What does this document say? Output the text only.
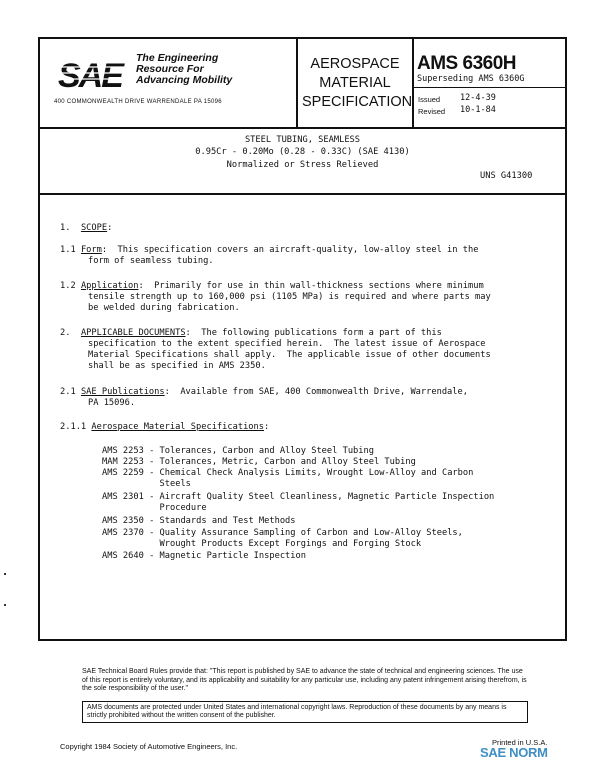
SAE	The Engineering
Resource For
Advancing Mobility
400 COMMONWEALTH DRIVE WARRENDALE PA 15096
AEROSPACE
MATERIAL
SPECIFICATION
AMS 6360H
Superseding AMS 6360G
Issued 12-4-39
Revised 10-1-84
STEEL TUBING, SEAMLESS
0.95Cr - 0.20Mo (0.28 - 0.33C) (SAE 4130)
Normalized or Stress Relieved
UNS G41300
1. SCOPE:
1.1 Form:  This specification covers an aircraft-quality, low-alloy steel in the
form of seamless tubing.
1.2 Application:  Primarily for use in thin wall-thickness sections where minimum
tensile strength up to 160,000 psi (1105 MPa) is required and where parts may
be welded during fabrication.
2. APPLICABLE DOCUMENTS:  The following publications form a part of this
specification to the extent specified herein.  The latest issue of Aerospace
Material Specifications shall apply.  The applicable issue of other documents
shall be as specified in AMS 2350.
2.1 SAE Publications:  Available from SAE, 400 Commonwealth Drive, Warrendale,
PA 15096.
2.1.1 Aerospace Material Specifications:
AMS 2253 - Tolerances, Carbon and Alloy Steel Tubing
MAM 2253 - Tolerances, Metric, Carbon and Alloy Steel Tubing
AMS 2259 - Chemical Check Analysis Limits, Wrought Low-Alloy and Carbon
Steels
AMS 2301 - Aircraft Quality Steel Cleanliness, Magnetic Particle Inspection
Procedure
AMS 2350 - Standards and Test Methods
AMS 2370 - Quality Assurance Sampling of Carbon and Low-Alloy Steels,
Wrought Products Except Forgings and Forging Stock
AMS 2640 - Magnetic Particle Inspection
SAE Technical Board Rules provide that: "This report is published by SAE to advance the state of technical and engineering sciences. The use of this report is entirely voluntary, and its applicability and suitability for any particular use, including any patent infringement arising therefrom, is the sole responsibility of the user."

AMS documents are protected under United States and international copyright laws. Reproduction of these documents by any means is strictly prohibited without the written consent of the publisher.

Copyright 1984 Society of Automotive Engineers, Inc.	Printed in U.S.A.
SAE NORM
